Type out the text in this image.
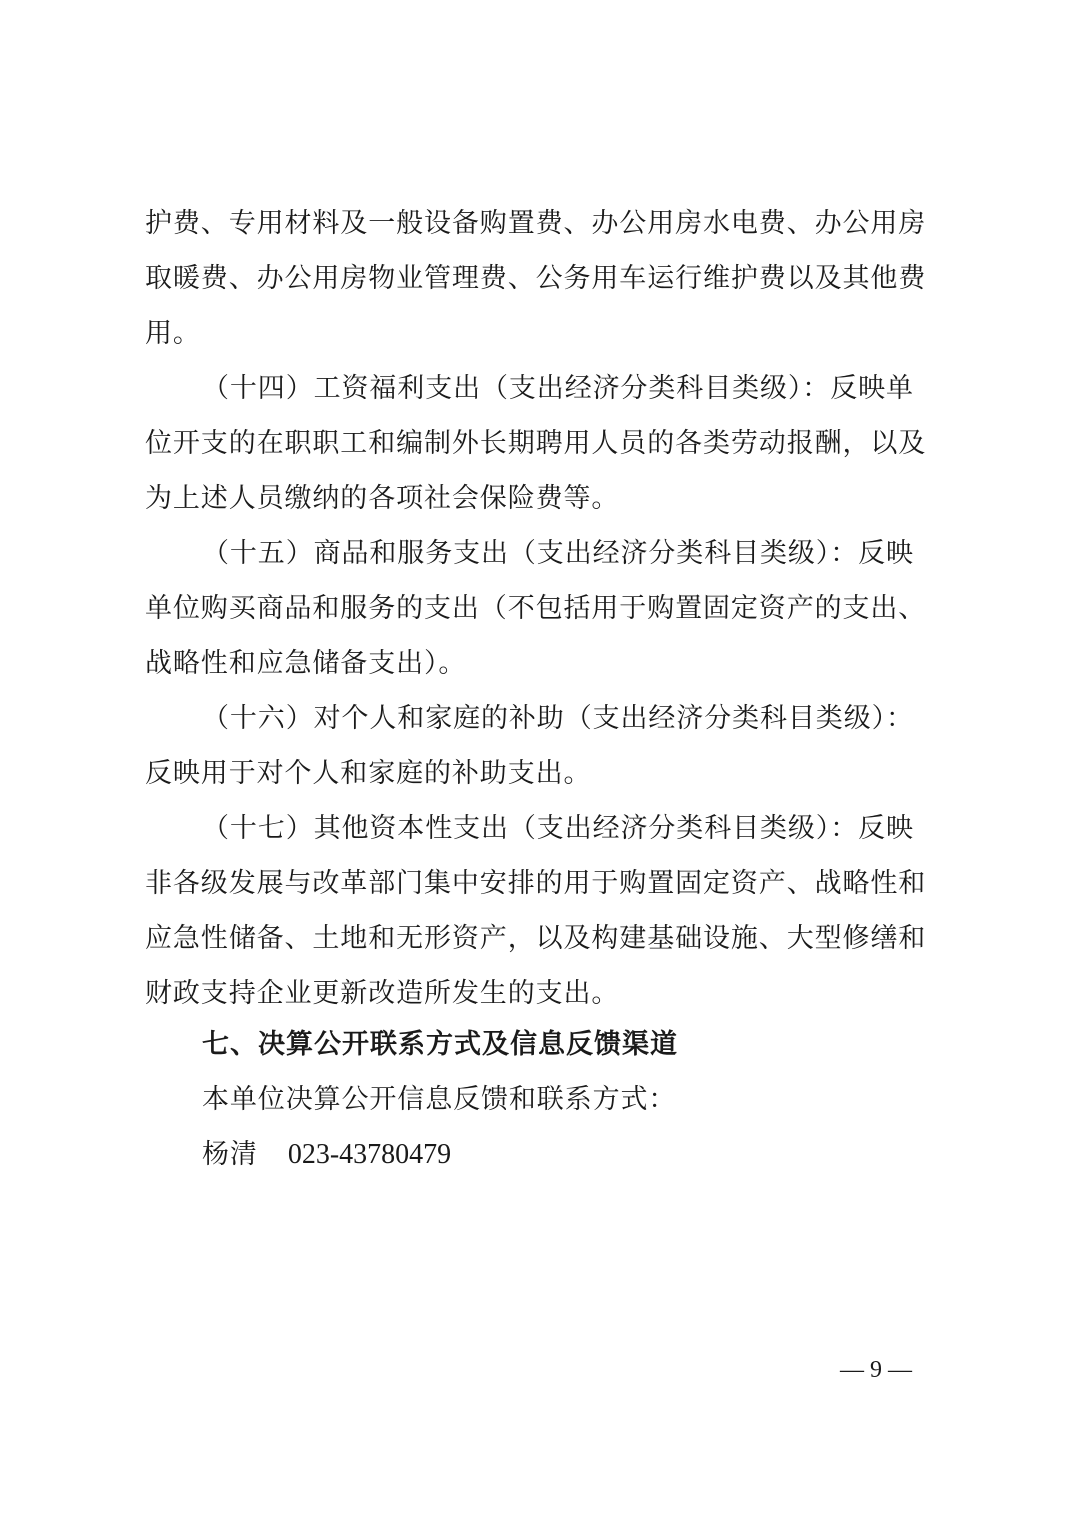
护费、专用材料及一般设备购置费、办公用房水电费、办公用房
取暖费、办公用房物业管理费、公务用车运行维护费以及其他费
用。
（十四）工资福利支出（支出经济分类科目类级）：反映单
位开支的在职职工和编制外长期聘用人员的各类劳动报酬，以及
为上述人员缴纳的各项社会保险费等。
（十五）商品和服务支出（支出经济分类科目类级）：反映
单位购买商品和服务的支出（不包括用于购置固定资产的支出、
战略性和应急储备支出）。
（十六）对个人和家庭的补助（支出经济分类科目类级）：
反映用于对个人和家庭的补助支出。
（十七）其他资本性支出（支出经济分类科目类级）：反映
非各级发展与改革部门集中安排的用于购置固定资产、战略性和
应急性储备、土地和无形资产，以及构建基础设施、大型修缮和
财政支持企业更新改造所发生的支出。
七、决算公开联系方式及信息反馈渠道
本单位决算公开信息反馈和联系方式：
杨清 023-43780479
— 9 —
